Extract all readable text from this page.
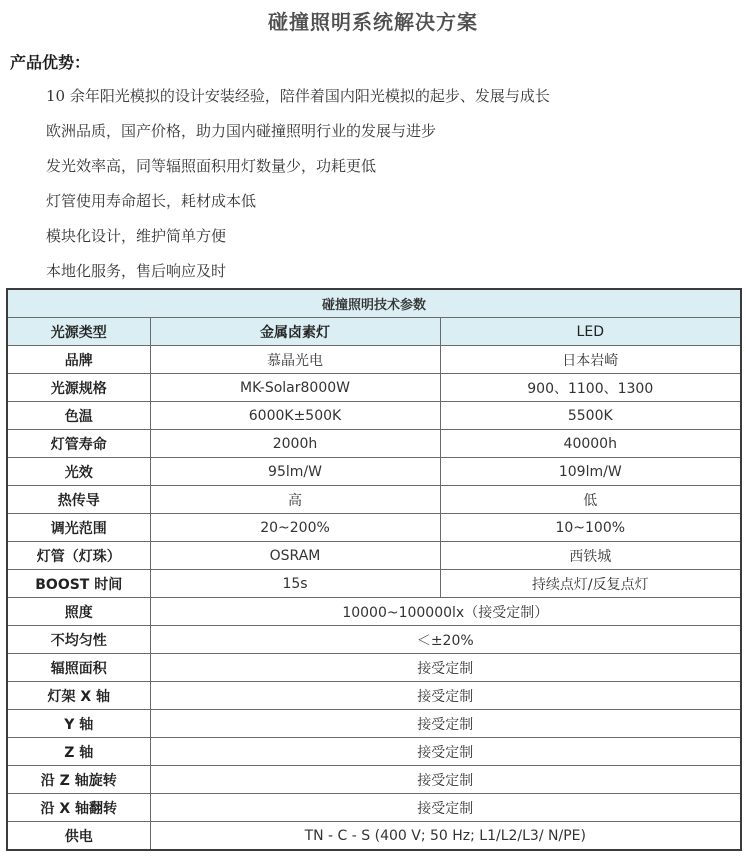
碰撞照明系统解决方案
产品优势：
10 余年阳光模拟的设计安装经验，陪伴着国内阳光模拟的起步、发展与成长
欧洲品质，国产价格，助力国内碰撞照明行业的发展与进步
发光效率高，同等辐照面积用灯数量少，功耗更低
灯管使用寿命超长，耗材成本低
模块化设计，维护简单方便
本地化服务，售后响应及时
碰撞照明技术参数		
光源类型	金属卤素灯	LED
品牌	慕晶光电	日本岩崎
光源规格	MK-Solar8000W	900、1100、1300
色温	6000K±500K	5500K
灯管寿命	2000h	40000h
光效	95lm/W	109lm/W
热传导	高	低
调光范围	20~200%	10~100%
灯管（灯珠）	OSRAM	西铁城
BOOST 时间	15s	持续点灯/反复点灯
照度	10000~100000lx（接受定制）	
不均匀性	＜±20%	
辐照面积	接受定制	
灯架 X 轴	接受定制	
Y 轴	接受定制	
Z 轴	接受定制	
沿 Z 轴旋转	接受定制	
沿 X 轴翻转	接受定制	
供电	TN - C - S (400 V; 50 Hz; L1/L2/L3/ N/PE)	
